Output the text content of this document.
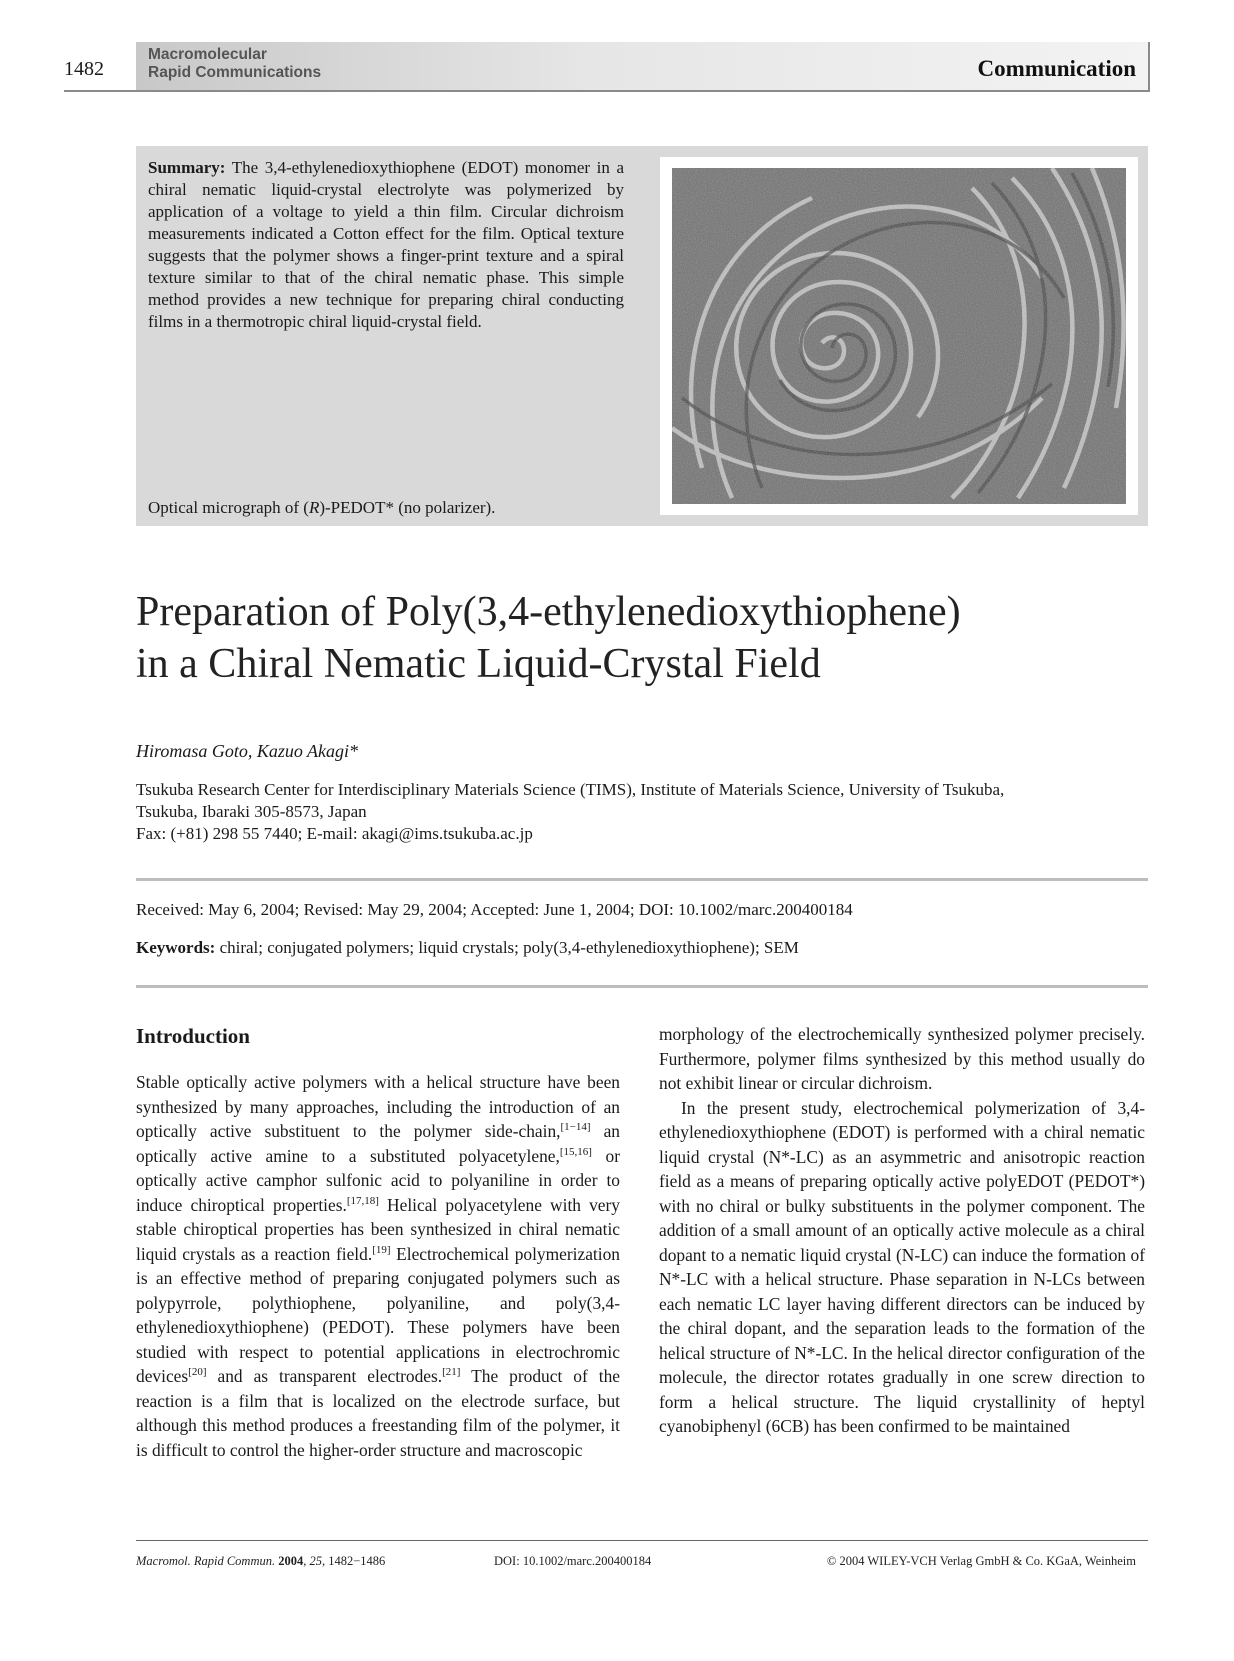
1482
Macromolecular
Rapid Communications	Communication
Summary: The 3,4-ethylenedioxythiophene (EDOT) monomer in a chiral nematic liquid-crystal electrolyte was polymerized by application of a voltage to yield a thin film. Circular dichroism measurements indicated a Cotton effect for the film. Optical texture suggests that the polymer shows a finger-print texture and a spiral texture similar to that of the chiral nematic phase. This simple method provides a new technique for preparing chiral conducting films in a thermotropic chiral liquid-crystal field.
Optical micrograph of (R)-PEDOT* (no polarizer).
Preparation of Poly(3,4-ethylenedioxythiophene)
in a Chiral Nematic Liquid-Crystal Field
Hiromasa Goto, Kazuo Akagi*
Tsukuba Research Center for Interdisciplinary Materials Science (TIMS), Institute of Materials Science, University of Tsukuba,
Tsukuba, Ibaraki 305-8573, Japan
Fax: (+81) 298 55 7440; E-mail: akagi@ims.tsukuba.ac.jp
Received: May 6, 2004; Revised: May 29, 2004; Accepted: June 1, 2004; DOI: 10.1002/marc.200400184
Keywords: chiral; conjugated polymers; liquid crystals; poly(3,4-ethylenedioxythiophene); SEM
Introduction

Stable optically active polymers with a helical structure have been synthesized by many approaches, including the introduction of an optically active substituent to the polymer side-chain,[1−14] an optically active amine to a substituted polyacetylene,[15,16] or optically active camphor sulfonic acid to polyaniline in order to induce chiroptical properties.[17,18] Helical polyacetylene with very stable chiroptical properties has been synthesized in chiral nematic liquid crystals as a reaction field.[19] Electrochemical polymerization is an effective method of preparing conjugated polymers such as polypyrrole, polythiophene, polyaniline, and poly(3,4-ethylenedioxythiophene) (PEDOT). These polymers have been studied with respect to potential applications in electrochromic devices[20] and as transparent electrodes.[21] The product of the reaction is a film that is localized on the electrode surface, but although this method produces a freestanding film of the polymer, it is difficult to control the higher-order structure and macroscopic

morphology of the electrochemically synthesized polymer precisely. Furthermore, polymer films synthesized by this method usually do not exhibit linear or circular dichroism.

In the present study, electrochemical polymerization of 3,4-ethylenedioxythiophene (EDOT) is performed with a chiral nematic liquid crystal (N*-LC) as an asymmetric and anisotropic reaction field as a means of preparing optically active polyEDOT (PEDOT*) with no chiral or bulky substituents in the polymer component. The addition of a small amount of an optically active molecule as a chiral dopant to a nematic liquid crystal (N-LC) can induce the formation of N*-LC with a helical structure. Phase separation in N-LCs between each nematic LC layer having different directors can be induced by the chiral dopant, and the separation leads to the formation of the helical structure of N*-LC. In the helical director configuration of the molecule, the director rotates gradually in one screw direction to form a helical structure. The liquid crystallinity of heptyl cyanobiphenyl (6CB) has been confirmed to be maintained

Macromol. Rapid Commun. 2004, 25, 1482−1486	DOI: 10.1002/marc.200400184	© 2004 WILEY-VCH Verlag GmbH & Co. KGaA, Weinheim
